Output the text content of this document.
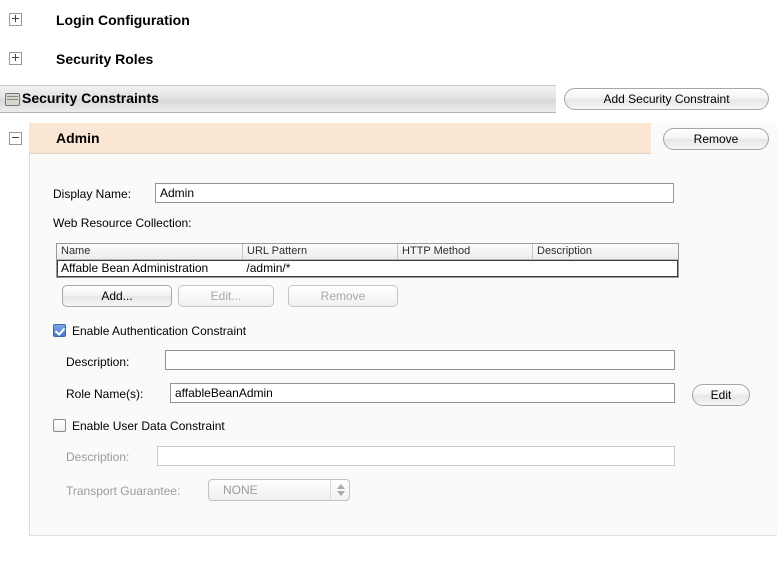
Login Configuration
Security Roles
Security Constraints	Add Security Constraint
Admin	Remove
Display Name:
Admin
Web Resource Collection:
Name	URL Pattern	HTTP Method	Description
Affable Bean Administration	/admin/*
Add...	Edit...	Remove
Enable Authentication Constraint
Description:
Role Name(s):
affableBeanAdmin	Edit
Enable User Data Constraint
Description:
Transport Guarantee:	NONE
